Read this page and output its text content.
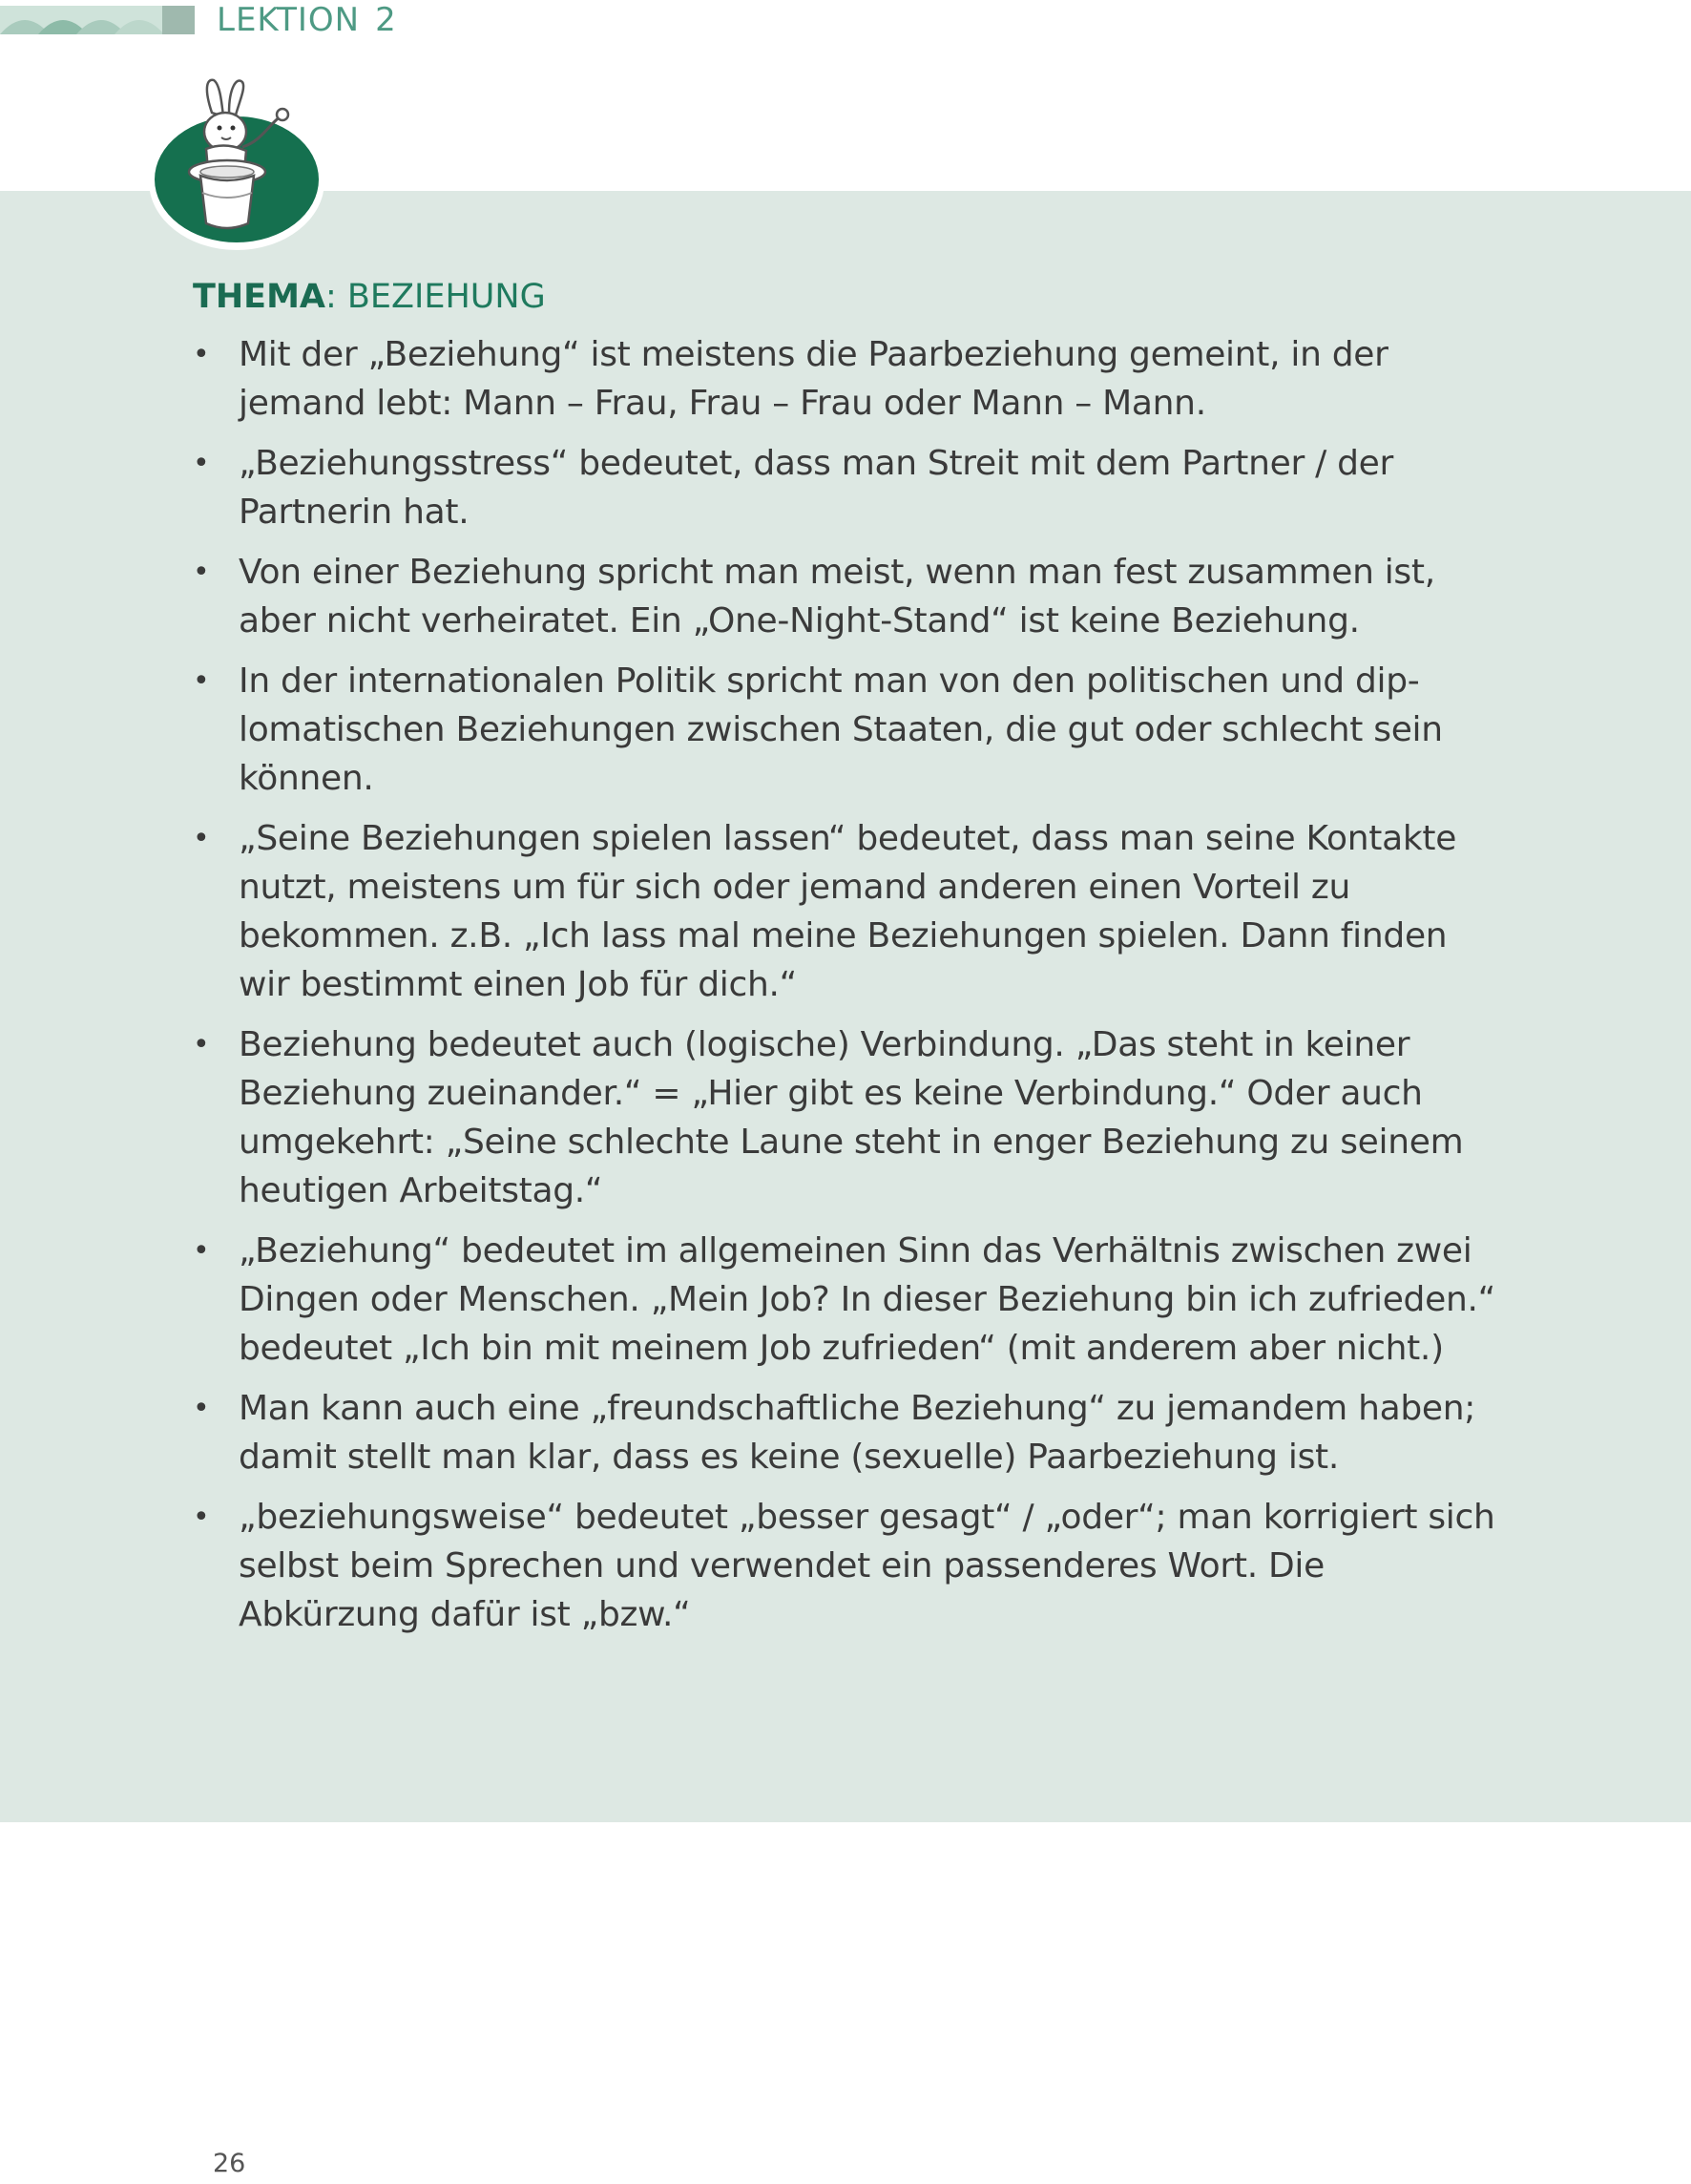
LEKTION 2
THEMA: BEZIEHUNG
• Mit der „Beziehung“ ist meistens die Paarbeziehung gemeint, in der jemand lebt: Mann – Frau, Frau – Frau oder Mann – Mann.
• „Beziehungsstress“ bedeutet, dass man Streit mit dem Partner / der Partnerin hat.
• Von einer Beziehung spricht man meist, wenn man fest zusammen ist, aber nicht verheiratet. Ein „One-Night-Stand“ ist keine Beziehung.
• In der internationalen Politik spricht man von den politischen und diplomatischen Beziehungen zwischen Staaten, die gut oder schlecht sein können.
• „Seine Beziehungen spielen lassen“ bedeutet, dass man seine Kontakte nutzt, meistens um für sich oder jemand anderen einen Vorteil zu bekommen. z.B. „Ich lass mal meine Beziehungen spielen. Dann finden wir bestimmt einen Job für dich.“
• Beziehung bedeutet auch (logische) Verbindung. „Das steht in keiner Beziehung zueinander.“ = „Hier gibt es keine Verbindung.“ Oder auch umgekehrt: „Seine schlechte Laune steht in enger Beziehung zu seinem heutigen Arbeitstag.“
• „Beziehung“ bedeutet im allgemeinen Sinn das Verhältnis zwischen zwei Dingen oder Menschen. „Mein Job? In dieser Beziehung bin ich zufrieden.“ bedeutet „Ich bin mit meinem Job zufrieden“ (mit anderem aber nicht.)
• Man kann auch eine „freundschaftliche Beziehung“ zu jemandem haben; damit stellt man klar, dass es keine (sexuelle) Paarbeziehung ist.
• „beziehungsweise“ bedeutet „besser gesagt“ / „oder“; man korrigiert sich selbst beim Sprechen und verwendet ein passenderes Wort. Die Abkürzung dafür ist „bzw.“
26
